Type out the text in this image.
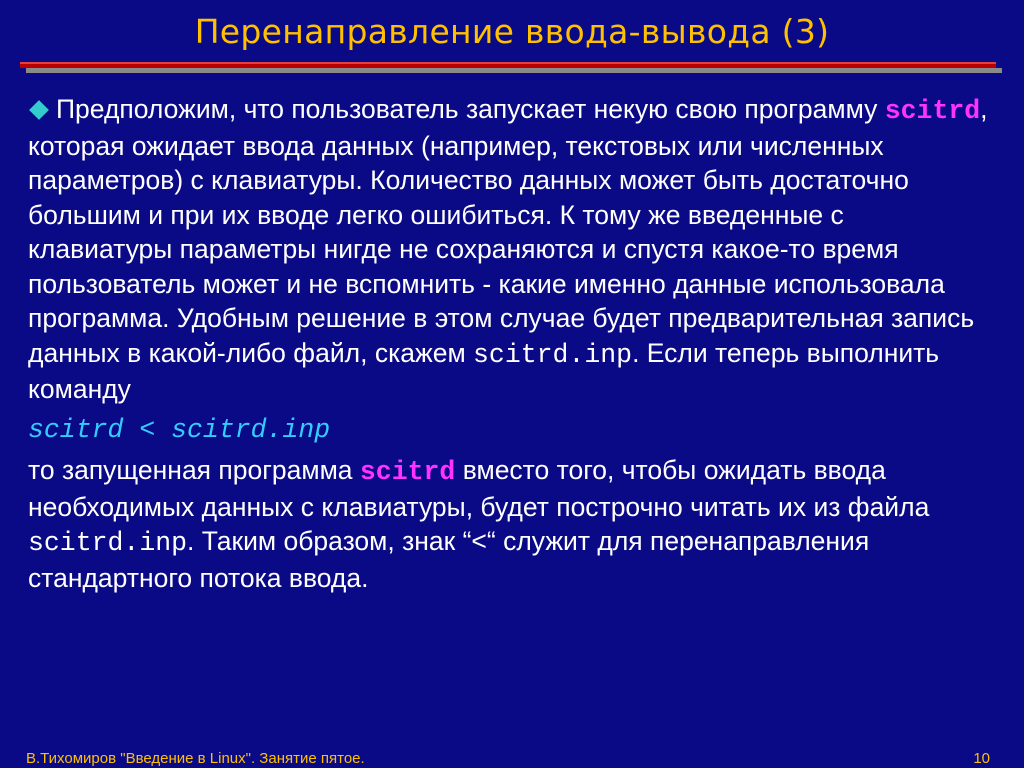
Перенаправление ввода-вывода (3)

Предположим, что пользователь запускает некую свою программу scitrd, которая ожидает ввода данных (например, текстовых или численных параметров) с клавиатуры. Количество данных может быть достаточно большим и при их вводе легко ошибиться. К тому же введенные с клавиатуры параметры нигде не сохраняются и спустя какое-то время пользователь может и не вспомнить - какие именно данные использовала программа. Удобным решение в этом случае будет предварительная запись данных в какой-либо файл, скажем scitrd.inp. Если теперь выполнить команду

scitrd < scitrd.inp

то запущенная программа scitrd вместо того, чтобы ожидать ввода необходимых данных с клавиатуры, будет построчно читать их из файла scitrd.inp. Таким образом, знак “<“ служит для перенаправления стандартного потока ввода.

В.Тихомиров "Введение в Linux". Занятие пятое.	10
